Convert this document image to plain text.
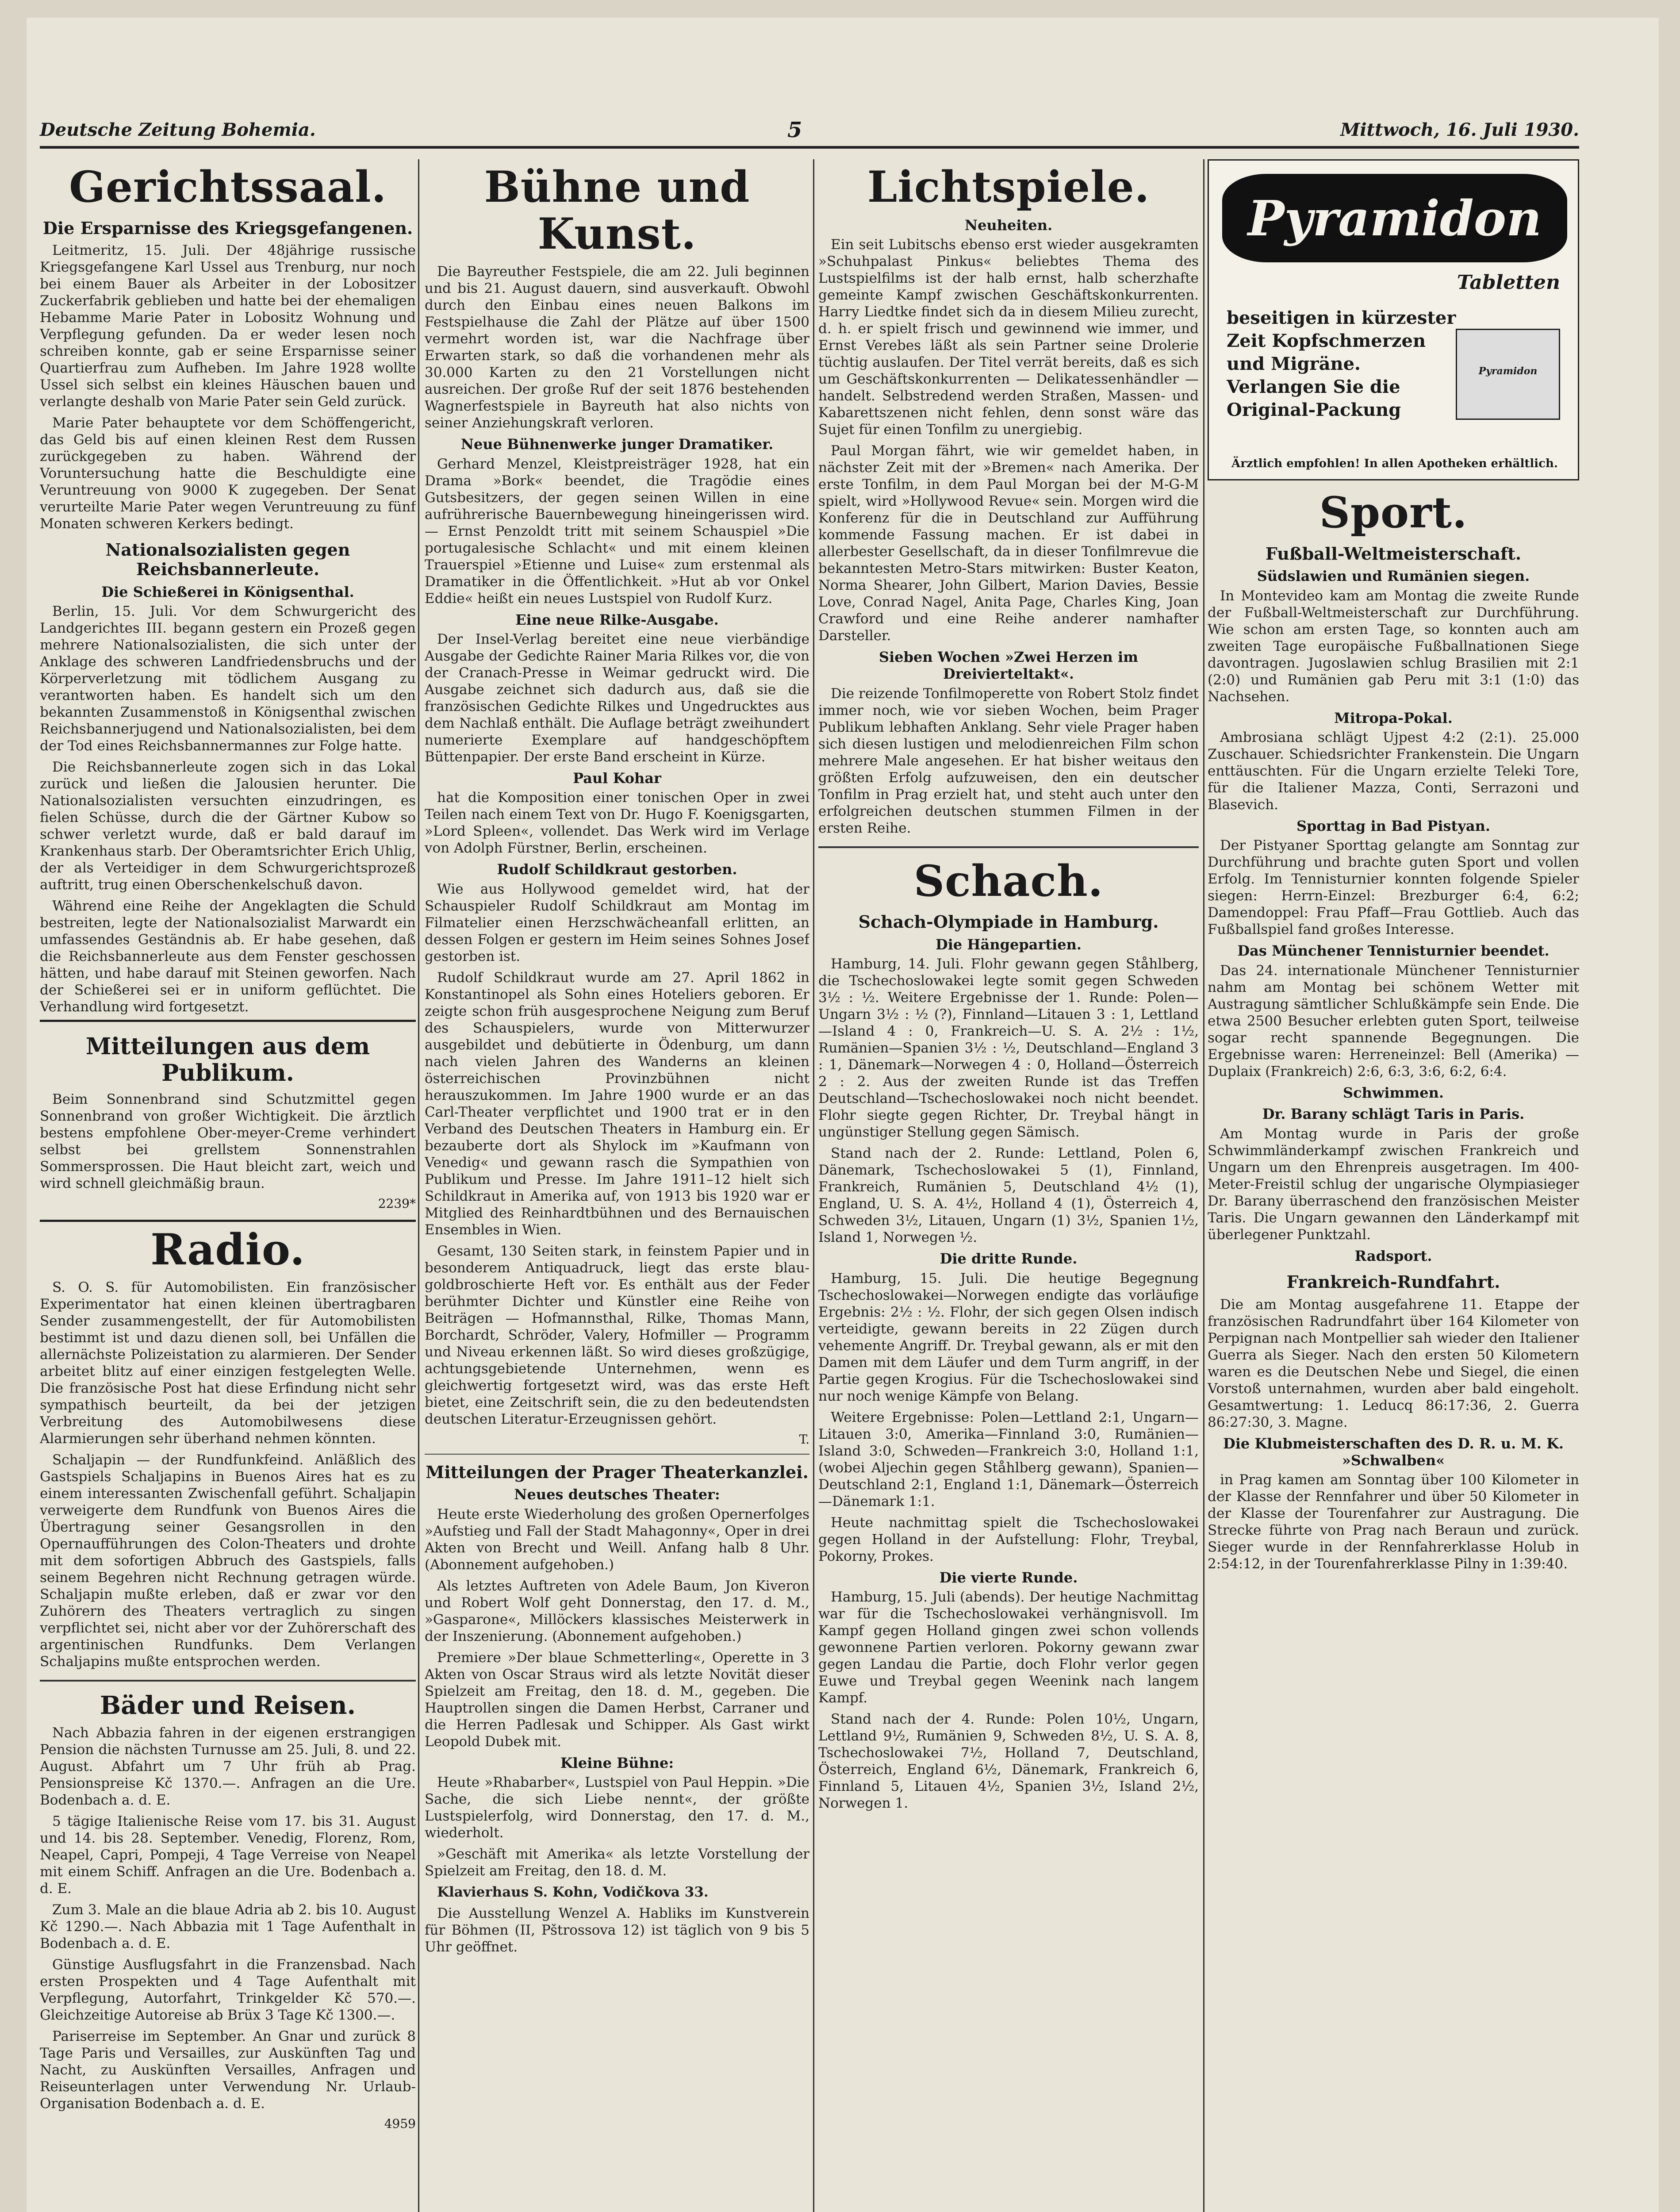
Deutsche Zeitung Bohemia.	5	Mittwoch, 16. Juli 1930.
Gerichtssaal.
Die Ersparnisse des Kriegsgefangenen.

Leitmeritz, 15. Juli. Der 48jährige russische Kriegsgefangene Karl Ussel aus Trenburg, nur noch bei einem Bauer als Arbeiter in der Lobositzer Zuckerfabrik geblieben und hatte bei der ehemaligen Hebamme Marie Pater in Lobositz Wohnung und Verpflegung gefunden. Da er weder lesen noch schreiben konnte, gab er seine Ersparnisse seiner Quartierfrau zum Aufheben. Im Jahre 1928 wollte Ussel sich selbst ein kleines Häuschen bauen und verlangte deshalb von Marie Pater sein Geld zurück.

Marie Pater behauptete vor dem Schöffengericht, das Geld bis auf einen kleinen Rest dem Russen zurückgegeben zu haben. Während der Voruntersuchung hatte die Beschuldigte eine Veruntreuung von 9000 K zugegeben. Der Senat verurteilte Marie Pater wegen Veruntreuung zu fünf Monaten schweren Kerkers bedingt.

Nationalsozialisten gegen Reichsbannerleute.
Die Schießerei in Königsenthal.

Berlin, 15. Juli. Vor dem Schwurgericht des Landgerichtes III. begann gestern ein Prozeß gegen mehrere Nationalsozialisten, die sich unter der Anklage des schweren Landfriedensbruchs und der Körperverletzung mit tödlichem Ausgang zu verantworten haben. Es handelt sich um den bekannten Zusammenstoß in Königsenthal zwischen Reichsbannerjugend und Nationalsozialisten, bei dem der Tod eines Reichsbannermannes zur Folge hatte.

Die Reichsbannerleute zogen sich in das Lokal zurück und ließen die Jalousien herunter. Die Nationalsozialisten versuchten einzudringen, es fielen Schüsse, durch die der Gärtner Kubow so schwer verletzt wurde, daß er bald darauf im Krankenhaus starb. Der Oberamtsrichter Erich Uhlig, der als Verteidiger in dem Schwurgerichtsprozeß auftritt, trug einen Oberschenkelschuß davon.

Während eine Reihe der Angeklagten die Schuld bestreiten, legte der Nationalsozialist Marwardt ein umfassendes Geständnis ab. Er habe gesehen, daß die Reichsbannerleute aus dem Fenster geschossen hätten, und habe darauf mit Steinen geworfen. Nach der Schießerei sei er in uniform geflüchtet. Die Verhandlung wird fortgesetzt.

Mitteilungen aus dem Publikum.

Beim Sonnenbrand sind Schutzmittel gegen Sonnenbrand von großer Wichtigkeit. Die ärztlich bestens empfohlene Ober-meyer-Creme verhindert selbst bei grellstem Sonnenstrahlen Sommersprossen. Die Haut bleicht zart, weich und wird schnell gleichmäßig braun.

2239*
Radio.

S. O. S. für Automobilisten. Ein französischer Experimentator hat einen kleinen übertragbaren Sender zusammengestellt, der für Automobilisten bestimmt ist und dazu dienen soll, bei Unfällen die allernächste Polizeistation zu alarmieren. Der Sender arbeitet blitz auf einer einzigen festgelegten Welle. Die französische Post hat diese Erfindung nicht sehr sympathisch beurteilt, da bei der jetzigen Verbreitung des Automobilwesens diese Alarmierungen sehr überhand nehmen könnten.

Schaljapin — der Rundfunkfeind. Anläßlich des Gastspiels Schaljapins in Buenos Aires hat es zu einem interessanten Zwischenfall geführt. Schaljapin verweigerte dem Rundfunk von Buenos Aires die Übertragung seiner Gesangsrollen in den Opernaufführungen des Colon-Theaters und drohte mit dem sofortigen Abbruch des Gastspiels, falls seinem Begehren nicht Rechnung getragen würde. Schaljapin mußte erleben, daß er zwar vor den Zuhörern des Theaters vertraglich zu singen verpflichtet sei, nicht aber vor der Zuhörerschaft des argentinischen Rundfunks. Dem Verlangen Schaljapins mußte entsprochen werden.

Bäder und Reisen.

Nach Abbazia fahren in der eigenen erstrangigen Pension die nächsten Turnusse am 25. Juli, 8. und 22. August. Abfahrt um 7 Uhr früh ab Prag. Pensionspreise Kč 1370.—. Anfragen an die Ure. Bodenbach a. d. E.

5 tägige Italienische Reise vom 17. bis 31. August und 14. bis 28. September. Venedig, Florenz, Rom, Neapel, Capri, Pompeji, 4 Tage Verreise von Neapel mit einem Schiff. Anfragen an die Ure. Bodenbach a. d. E.

Zum 3. Male an die blaue Adria ab 2. bis 10. August Kč 1290.—. Nach Abbazia mit 1 Tage Aufenthalt in Bodenbach a. d. E.

Günstige Ausflugsfahrt in die Franzensbad. Nach ersten Prospekten und 4 Tage Aufenthalt mit Verpflegung, Autorfahrt, Trinkgelder Kč 570.—. Gleichzeitige Autoreise ab Brüx 3 Tage Kč 1300.—.

Pariserreise im September. An Gnar und zurück 8 Tage Paris und Versailles, zur Auskünften Tag und Nacht, zu Auskünften Versailles, Anfragen und Reiseunterlagen unter Verwendung Nr. Urlaub-Organisation Bodenbach a. d. E.

4959
Bühne und Kunst.

Die Bayreuther Festspiele, die am 22. Juli beginnen und bis 21. August dauern, sind ausverkauft. Obwohl durch den Einbau eines neuen Balkons im Festspielhause die Zahl der Plätze auf über 1500 vermehrt worden ist, war die Nachfrage über Erwarten stark, so daß die vorhandenen mehr als 30.000 Karten zu den 21 Vorstellungen nicht ausreichen. Der große Ruf der seit 1876 bestehenden Wagnerfestspiele in Bayreuth hat also nichts von seiner Anziehungskraft verloren.

Neue Bühnenwerke junger Dramatiker.

Gerhard Menzel, Kleistpreisträger 1928, hat ein Drama »Bork« beendet, die Tragödie eines Gutsbesitzers, der gegen seinen Willen in eine aufrührerische Bauernbewegung hineingerissen wird. — Ernst Penzoldt tritt mit seinem Schauspiel »Die portugalesische Schlacht« und mit einem kleinen Trauerspiel »Etienne und Luise« zum erstenmal als Dramatiker in die Öffentlichkeit. »Hut ab vor Onkel Eddie« heißt ein neues Lustspiel von Rudolf Kurz.

Eine neue Rilke-Ausgabe.

Der Insel-Verlag bereitet eine neue vierbändige Ausgabe der Gedichte Rainer Maria Rilkes vor, die von der Cranach-Presse in Weimar gedruckt wird. Die Ausgabe zeichnet sich dadurch aus, daß sie die französischen Gedichte Rilkes und Ungedrucktes aus dem Nachlaß enthält. Die Auflage beträgt zweihundert numerierte Exemplare auf handgeschöpftem Büttenpapier. Der erste Band erscheint in Kürze.

Paul Kohar

hat die Komposition einer tonischen Oper in zwei Teilen nach einem Text von Dr. Hugo F. Koenigsgarten, »Lord Spleen«, vollendet. Das Werk wird im Verlage von Adolph Fürstner, Berlin, erscheinen.

Rudolf Schildkraut gestorben.

Wie aus Hollywood gemeldet wird, hat der Schauspieler Rudolf Schildkraut am Montag im Filmatelier einen Herzschwächeanfall erlitten, an dessen Folgen er gestern im Heim seines Sohnes Josef gestorben ist.

Rudolf Schildkraut wurde am 27. April 1862 in Konstantinopel als Sohn eines Hoteliers geboren. Er zeigte schon früh ausgesprochene Neigung zum Beruf des Schauspielers, wurde von Mitterwurzer ausgebildet und debütierte in Ödenburg, um dann nach vielen Jahren des Wanderns an kleinen österreichischen Provinzbühnen nicht herauszukommen. Im Jahre 1900 wurde er an das Carl-Theater verpflichtet und 1900 trat er in den Verband des Deutschen Theaters in Hamburg ein. Er bezauberte dort als Shylock im »Kaufmann von Venedig« und gewann rasch die Sympathien von Publikum und Presse. Im Jahre 1911–12 hielt sich Schildkraut in Amerika auf, von 1913 bis 1920 war er Mitglied des Reinhardtbühnen und des Bernauischen Ensembles in Wien.

Gesamt, 130 Seiten stark, in feinstem Papier und in besonderem Antiquadruck, liegt das erste blau-goldbroschierte Heft vor. Es enthält aus der Feder berühmter Dichter und Künstler eine Reihe von Beiträgen — Hofmannsthal, Rilke, Thomas Mann, Borchardt, Schröder, Valery, Hofmiller — Programm und Niveau erkennen läßt. So wird dieses großzügige, achtungsgebietende Unternehmen, wenn es gleichwertig fortgesetzt wird, was das erste Heft bietet, eine Zeitschrift sein, die zu den bedeutendsten deutschen Literatur-Erzeugnissen gehört.

T.
Mitteilungen der Prager Theaterkanzlei.
Neues deutsches Theater:

Heute erste Wiederholung des großen Opernerfolges »Aufstieg und Fall der Stadt Mahagonny«, Oper in drei Akten von Brecht und Weill. Anfang halb 8 Uhr. (Abonnement aufgehoben.)

Als letztes Auftreten von Adele Baum, Jon Kiveron und Robert Wolf geht Donnerstag, den 17. d. M., »Gasparone«, Millöckers klassisches Meisterwerk in der Inszenierung. (Abonnement aufgehoben.)

Premiere »Der blaue Schmetterling«, Operette in 3 Akten von Oscar Straus wird als letzte Novität dieser Spielzeit am Freitag, den 18. d. M., gegeben. Die Hauptrollen singen die Damen Herbst, Carraner und die Herren Padlesak und Schipper. Als Gast wirkt Leopold Dubek mit.

Kleine Bühne:

Heute »Rhabarber«, Lustspiel von Paul Heppin. »Die Sache, die sich Liebe nennt«, der größte Lustspielerfolg, wird Donnerstag, den 17. d. M., wiederholt.

»Geschäft mit Amerika« als letzte Vorstellung der Spielzeit am Freitag, den 18. d. M.

Klavierhaus S. Kohn, Vodičkova 33.

Die Ausstellung Wenzel A. Habliks im Kunstverein für Böhmen (II, Pštrossova 12) ist täglich von 9 bis 5 Uhr geöffnet.

Lichtspiele.
Neuheiten.

Ein seit Lubitschs ebenso erst wieder ausgekramten »Schuhpalast Pinkus« beliebtes Thema des Lustspielfilms ist der halb ernst, halb scherzhafte gemeinte Kampf zwischen Geschäftskonkurrenten. Harry Liedtke findet sich da in diesem Milieu zurecht, d. h. er spielt frisch und gewinnend wie immer, und Ernst Verebes läßt als sein Partner seine Drolerie tüchtig auslaufen. Der Titel verrät bereits, daß es sich um Geschäftskonkurrenten — Delikatessenhändler — handelt. Selbstredend werden Straßen, Massen- und Kabarettszenen nicht fehlen, denn sonst wäre das Sujet für einen Tonfilm zu unergiebig.

Paul Morgan fährt, wie wir gemeldet haben, in nächster Zeit mit der »Bremen« nach Amerika. Der erste Tonfilm, in dem Paul Morgan bei der M-G-M spielt, wird »Hollywood Revue« sein. Morgen wird die Konferenz für die in Deutschland zur Aufführung kommende Fassung machen. Er ist dabei in allerbester Gesellschaft, da in dieser Tonfilmrevue die bekanntesten Metro-Stars mitwirken: Buster Keaton, Norma Shearer, John Gilbert, Marion Davies, Bessie Love, Conrad Nagel, Anita Page, Charles King, Joan Crawford und eine Reihe anderer namhafter Darsteller.

Sieben Wochen »Zwei Herzen im Dreivierteltakt«.

Die reizende Tonfilmoperette von Robert Stolz findet immer noch, wie vor sieben Wochen, beim Prager Publikum lebhaften Anklang. Sehr viele Prager haben sich diesen lustigen und melodienreichen Film schon mehrere Male angesehen. Er hat bisher weitaus den größten Erfolg aufzuweisen, den ein deutscher Tonfilm in Prag erzielt hat, und steht auch unter den erfolgreichen deutschen stummen Filmen in der ersten Reihe.

Schach.
Schach-Olympiade in Hamburg.
Die Hängepartien.

Hamburg, 14. Juli. Flohr gewann gegen Ståhlberg, die Tschechoslowakei legte somit gegen Schweden 3½ : ½. Weitere Ergebnisse der 1. Runde: Polen—Ungarn 3½ : ½ (?), Finnland—Litauen 3 : 1, Lettland—Island 4 : 0, Frankreich—U. S. A. 2½ : 1½, Rumänien—Spanien 3½ : ½, Deutschland—England 3 : 1, Dänemark—Norwegen 4 : 0, Holland—Österreich 2 : 2. Aus der zweiten Runde ist das Treffen Deutschland—Tschechoslowakei noch nicht beendet. Flohr siegte gegen Richter, Dr. Treybal hängt in ungünstiger Stellung gegen Sämisch.

Stand nach der 2. Runde: Lettland, Polen 6, Dänemark, Tschechoslowakei 5 (1), Finnland, Frankreich, Rumänien 5, Deutschland 4½ (1), England, U. S. A. 4½, Holland 4 (1), Österreich 4, Schweden 3½, Litauen, Ungarn (1) 3½, Spanien 1½, Island 1, Norwegen ½.

Die dritte Runde.

Hamburg, 15. Juli. Die heutige Begegnung Tschechoslowakei—Norwegen endigte das vorläufige Ergebnis: 2½ : ½. Flohr, der sich gegen Olsen indisch verteidigte, gewann bereits in 22 Zügen durch vehemente Angriff. Dr. Treybal gewann, als er mit den Damen mit dem Läufer und dem Turm angriff, in der Partie gegen Krogius. Für die Tschechoslowakei sind nur noch wenige Kämpfe von Belang.

Weitere Ergebnisse: Polen—Lettland 2:1, Ungarn—Litauen 3:0, Amerika—Finnland 3:0, Rumänien—Island 3:0, Schweden—Frankreich 3:0, Holland 1:1, (wobei Aljechin gegen Ståhlberg gewann), Spanien—Deutschland 2:1, England 1:1, Dänemark—Österreich—Dänemark 1:1.

Heute nachmittag spielt die Tschechoslowakei gegen Holland in der Aufstellung: Flohr, Treybal, Pokorny, Prokes.

Die vierte Runde.

Hamburg, 15. Juli (abends). Der heutige Nachmittag war für die Tschechoslowakei verhängnisvoll. Im Kampf gegen Holland gingen zwei schon vollends gewonnene Partien verloren. Pokorny gewann zwar gegen Landau die Partie, doch Flohr verlor gegen Euwe und Treybal gegen Weenink nach langem Kampf.

Stand nach der 4. Runde: Polen 10½, Ungarn, Lettland 9½, Rumänien 9, Schweden 8½, U. S. A. 8, Tschechoslowakei 7½, Holland 7, Deutschland, Österreich, England 6½, Dänemark, Frankreich 6, Finnland 5, Litauen 4½, Spanien 3½, Island 2½, Norwegen 1.

Pyramidon
Tabletten
beseitigen in kürzester Zeit Kopfschmerzen und Migräne. Verlangen Sie die Original-Packung
Pyramidon
Ärztlich empfohlen! In allen Apotheken erhältlich.
Sport.
Fußball-Weltmeisterschaft.
Südslawien und Rumänien siegen.

In Montevideo kam am Montag die zweite Runde der Fußball-Weltmeisterschaft zur Durchführung. Wie schon am ersten Tage, so konnten auch am zweiten Tage europäische Fußballnationen Siege davontragen. Jugoslawien schlug Brasilien mit 2:1 (2:0) und Rumänien gab Peru mit 3:1 (1:0) das Nachsehen.

Mitropa-Pokal.

Ambrosiana schlägt Ujpest 4:2 (2:1). 25.000 Zuschauer. Schiedsrichter Frankenstein. Die Ungarn enttäuschten. Für die Ungarn erzielte Teleki Tore, für die Italiener Mazza, Conti, Serrazoni und Blasevich.

Sporttag in Bad Pistyan.

Der Pistyaner Sporttag gelangte am Sonntag zur Durchführung und brachte guten Sport und vollen Erfolg. Im Tennisturnier konnten folgende Spieler siegen: Herrn-Einzel: Brezburger 6:4, 6:2; Damendoppel: Frau Pfaff—Frau Gottlieb. Auch das Fußballspiel fand großes Interesse.

Das Münchener Tennisturnier beendet.

Das 24. internationale Münchener Tennisturnier nahm am Montag bei schönem Wetter mit Austragung sämtlicher Schlußkämpfe sein Ende. Die etwa 2500 Besucher erlebten guten Sport, teilweise sogar recht spannende Begegnungen. Die Ergebnisse waren: Herreneinzel: Bell (Amerika) — Duplaix (Frankreich) 2:6, 6:3, 3:6, 6:2, 6:4.

Schwimmen.
Dr. Barany schlägt Taris in Paris.

Am Montag wurde in Paris der große Schwimmländerkampf zwischen Frankreich und Ungarn um den Ehrenpreis ausgetragen. Im 400-Meter-Freistil schlug der ungarische Olympiasieger Dr. Barany überraschend den französischen Meister Taris. Die Ungarn gewannen den Länderkampf mit überlegener Punktzahl.

Radsport.
Frankreich-Rundfahrt.

Die am Montag ausgefahrene 11. Etappe der französischen Radrundfahrt über 164 Kilometer von Perpignan nach Montpellier sah wieder den Italiener Guerra als Sieger. Nach den ersten 50 Kilometern waren es die Deutschen Nebe und Siegel, die einen Vorstoß unternahmen, wurden aber bald eingeholt. Gesamtwertung: 1. Leducq 86:17:36, 2. Guerra 86:27:30, 3. Magne.

Die Klubmeisterschaften des D. R. u. M. K. »Schwalben«

in Prag kamen am Sonntag über 100 Kilometer in der Klasse der Rennfahrer und über 50 Kilometer in der Klasse der Tourenfahrer zur Austragung. Die Strecke führte von Prag nach Beraun und zurück. Sieger wurde in der Rennfahrerklasse Holub in 2:54:12, in der Tourenfahrerklasse Pilny in 1:39:40.
